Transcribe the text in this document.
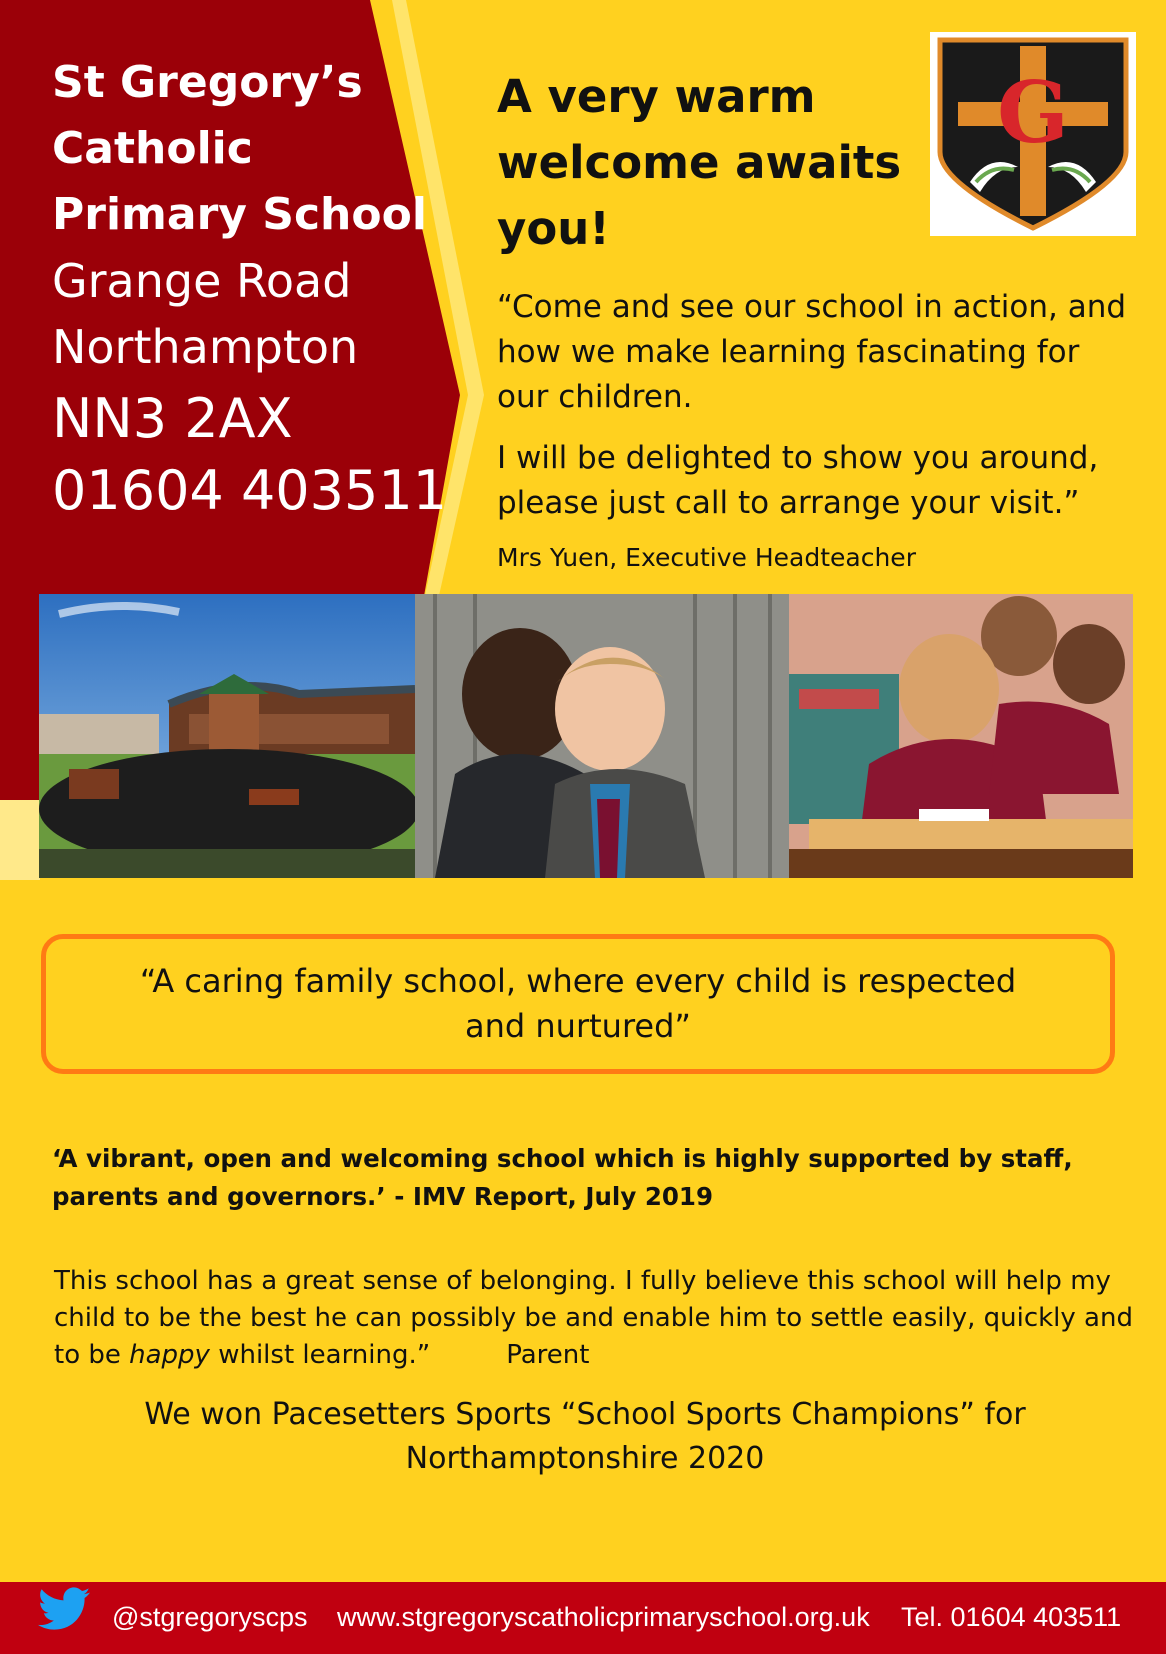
St Gregory’s
Catholic
Primary School
Grange Road
Northampton
NN3 2AX
01604 403511
A very warm
welcome awaits
you!
G

“Come and see our school in action, and how we make learning fascinating for our children.

I will be delighted to show you around, please just call to arrange your visit.”

Mrs Yuen, Executive Headteacher
“A caring family school, where every child is respected and nurtured”
‘A vibrant, open and welcoming school which is highly supported by staff, parents and governors.’ - IMV Report, July 2019
This school has a great sense of belonging. I fully believe this school will help my child to be the best he can possibly be and enable him to settle easily, quickly and to be happy whilst learning.”	Parent
We won Pacesetters Sports “School Sports Champions” for
Northamptonshire 2020
@stgregoryscps www.stgregoryscatholicprimaryschool.org.uk Tel. 01604 403511
